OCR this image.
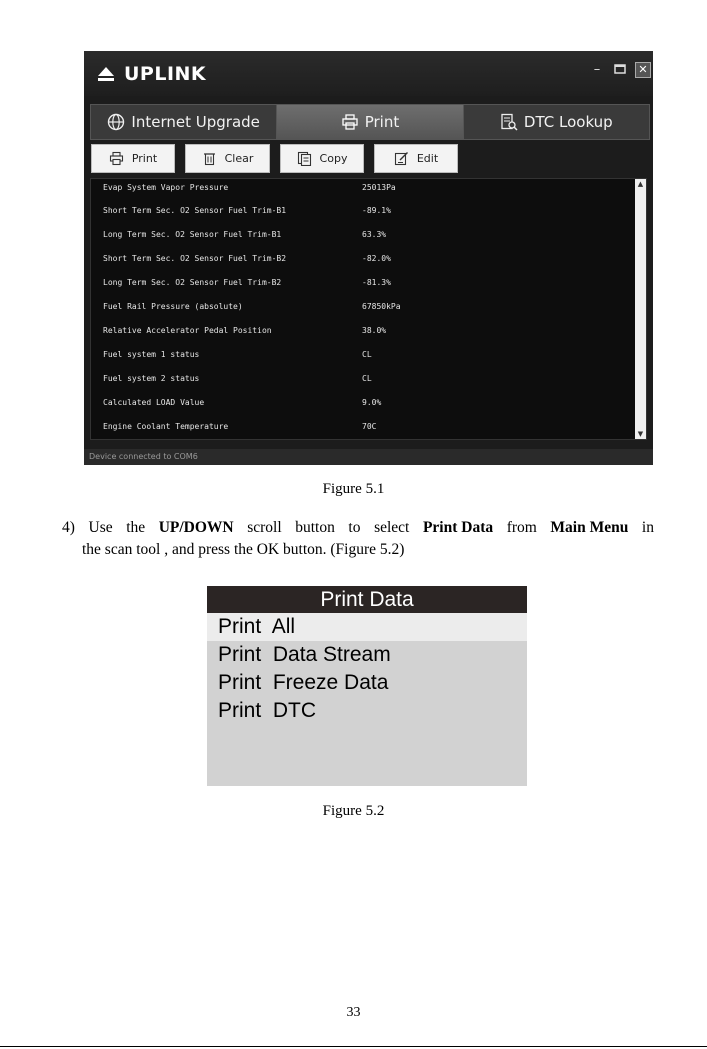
UPLINK	–	✕
Internet Upgrade	Print	DTC Lookup
Print	Clear	Copy	Edit
Evap System Vapor Pressure	25013Pa
Short Term Sec. O2 Sensor Fuel Trim-B1	-89.1%
Long Term Sec. O2 Sensor Fuel Trim-B1	63.3%
Short Term Sec. O2 Sensor Fuel Trim-B2	-82.0%
Long Term Sec. O2 Sensor Fuel Trim-B2	-81.3%
Fuel Rail Pressure (absolute)	67850kPa
Relative Accelerator Pedal Position	38.0%
Fuel system 1 status	CL
Fuel system 2 status	CL
Calculated LOAD Value	9.0%
Engine Coolant Temperature	70C
▲
▼
Device connected to COM6
Figure 5.1
4) Use the UP/DOWN scroll button to select Print Data from Main Menu in
the scan tool , and press the OK button. (Figure 5.2)
Print Data
Print  All
Print  Data Stream
Print  Freeze Data
Print  DTC
Figure 5.2
33
